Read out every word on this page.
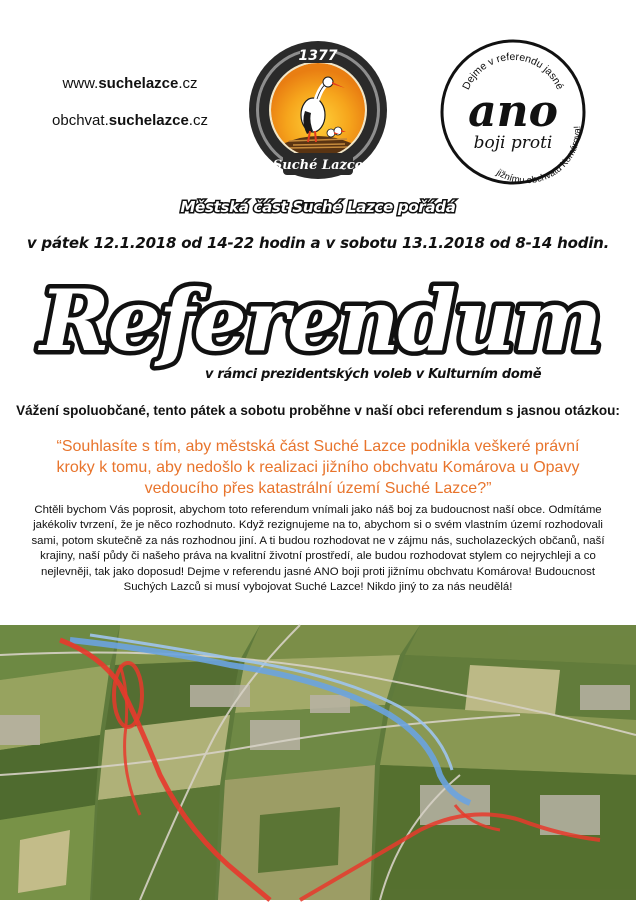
www.suchelazce.cz
obchvat.suchelazce.cz
1377
Suché Lazce
Dejme v referendu jasné
ano
boji proti
jižnímu obchvatu Komárova!
Městská část Suché Lazce pořádá
v pátek 12.1.2018 od 14-22 hodin a v sobotu 13.1.2018 od 8-14 hodin.
Referendum
v rámci prezidentských voleb v Kulturním domě
Vážení spoluobčané, tento pátek a sobotu proběhne v naší obci referendum s jasnou otázkou:
“Souhlasíte s tím, aby městská část Suché Lazce podnikla veškeré právní kroky k tomu, aby nedošlo k realizaci jižního obchvatu Komárova u Opavy vedoucího přes katastrální území Suché Lazce?”
Chtěli bychom Vás poprosit, abychom toto referendum vnímali jako náš boj za budoucnost naší obce. Odmítáme jakékoliv tvrzení, že je něco rozhodnuto. Když rezignujeme na to, abychom si o svém vlastním území rozhodovali sami, potom skutečně za nás rozhodnou jiní. A ti budou rozhodovat ne v zájmu nás, sucholazeckých občanů, naší krajiny, naší půdy či našeho práva na kvalitní životní prostředí, ale budou rozhodovat stylem co nejrychleji a co nejlevněji, tak jako doposud! Dejme v referendu jasné ANO boji proti jižnímu obchvatu Komárova! Budoucnost Suchých Lazců si musí vybojovat Suché Lazce! Nikdo jiný to za nás neudělá!
